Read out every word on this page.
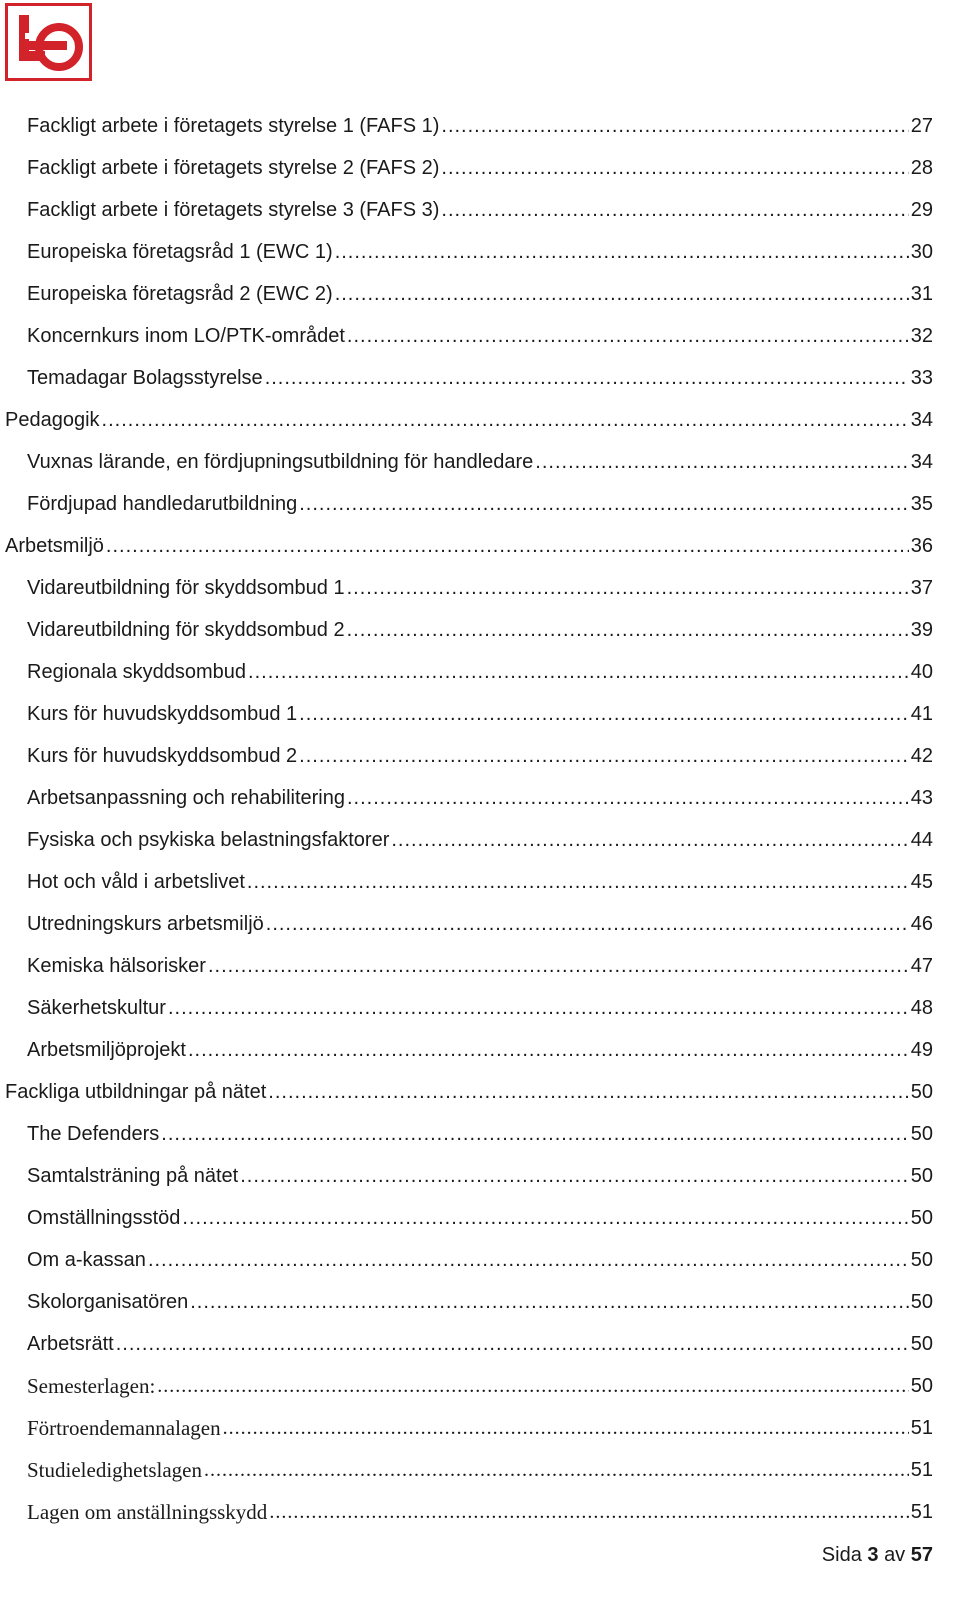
Fackligt arbete i företagets styrelse 1 (FAFS 1) .....	27
Fackligt arbete i företagets styrelse 2 (FAFS 2) .....	28
Fackligt arbete i företagets styrelse 3 (FAFS 3) .....	29
Europeiska företagsråd 1 (EWC 1) .....	30
Europeiska företagsråd 2 (EWC 2) .....	31
Koncernkurs inom LO/PTK-området .....	32
Temadagar Bolagsstyrelse .....	33
Pedagogik .....	34
Vuxnas lärande, en fördjupningsutbildning för handledare .....	34
Fördjupad handledarutbildning .....	35
Arbetsmiljö .....	36
Vidareutbildning för skyddsombud 1 .....	37
Vidareutbildning för skyddsombud 2 .....	39
Regionala skyddsombud .....	40
Kurs för huvudskyddsombud 1 .....	41
Kurs för huvudskyddsombud 2 .....	42
Arbetsanpassning och rehabilitering .....	43
Fysiska och psykiska belastningsfaktorer .....	44
Hot och våld i arbetslivet .....	45
Utredningskurs arbetsmiljö .....	46
Kemiska hälsorisker .....	47
Säkerhetskultur .....	48
Arbetsmiljöprojekt .....	49
Fackliga utbildningar på nätet .....	50
The Defenders .....	50
Samtalsträning på nätet .....	50
Omställningsstöd .....	50
Om a-kassan .....	50
Skolorganisatören .....	50
Arbetsrätt .....	50
Semesterlagen: .....	50
Förtroendemannalagen .....	51
Studieledighetslagen .....	51
Lagen om anställningsskydd .....	51
Sida 3 av 57
